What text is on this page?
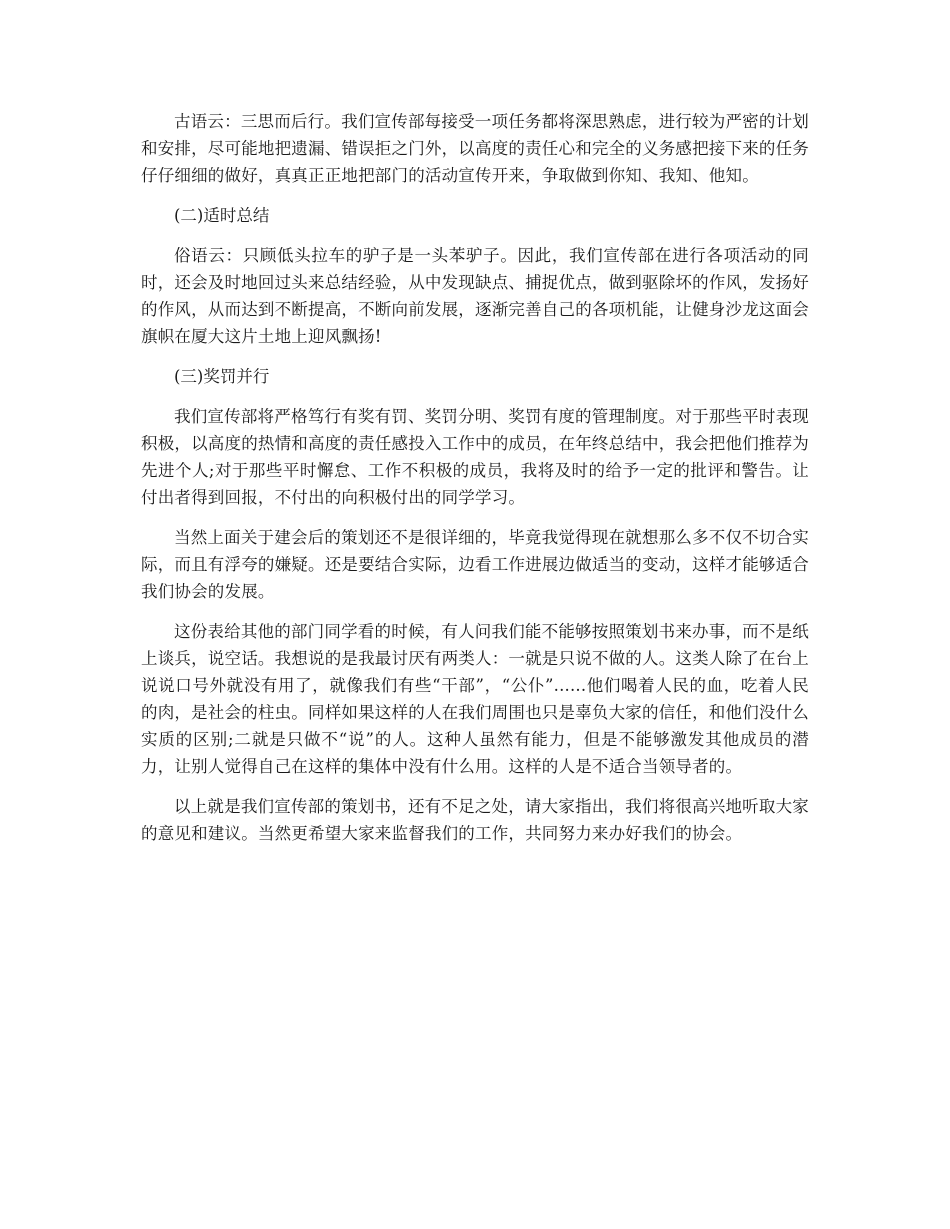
古语云：三思而后行。我们宣传部每接受一项任务都将深思熟虑，进行较为严密的计划和安排，尽可能地把遗漏、错误拒之门外，以高度的责任心和完全的义务感把接下来的任务仔仔细细的做好，真真正正地把部门的活动宣传开来，争取做到你知、我知、他知。

(二)适时总结

俗语云：只顾低头拉车的驴子是一头苯驴子。因此，我们宣传部在进行各项活动的同时，还会及时地回过头来总结经验，从中发现缺点、捕捉优点，做到驱除坏的作风，发扬好的作风，从而达到不断提高，不断向前发展，逐渐完善自己的各项机能，让健身沙龙这面会旗帜在厦大这片土地上迎风飘扬!

(三)奖罚并行

我们宣传部将严格笃行有奖有罚、奖罚分明、奖罚有度的管理制度。对于那些平时表现积极，以高度的热情和高度的责任感投入工作中的成员，在年终总结中，我会把他们推荐为先进个人;对于那些平时懈怠、工作不积极的成员，我将及时的给予一定的批评和警告。让付出者得到回报，不付出的向积极付出的同学学习。

当然上面关于建会后的策划还不是很详细的，毕竟我觉得现在就想那么多不仅不切合实际，而且有浮夸的嫌疑。还是要结合实际，边看工作进展边做适当的变动，这样才能够适合我们协会的发展。

这份表给其他的部门同学看的时候，有人问我们能不能够按照策划书来办事，而不是纸上谈兵，说空话。我想说的是我最讨厌有两类人：一就是只说不做的人。这类人除了在台上说说口号外就没有用了，就像我们有些“干部”，“公仆”......他们喝着人民的血，吃着人民的肉，是社会的柱虫。同样如果这样的人在我们周围也只是辜负大家的信任，和他们没什么实质的区别;二就是只做不“说”的人。这种人虽然有能力，但是不能够激发其他成员的潜力，让别人觉得自己在这样的集体中没有什么用。这样的人是不适合当领导者的。

以上就是我们宣传部的策划书，还有不足之处，请大家指出，我们将很高兴地听取大家的意见和建议。当然更希望大家来监督我们的工作，共同努力来办好我们的协会。
